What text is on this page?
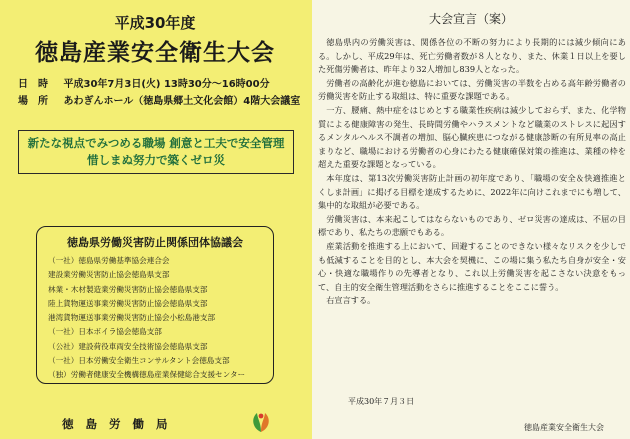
平成30年度
徳島産業安全衛生大会
日　時 平成30年7月3日(火) 13時30分～16時00分
場　所 あわぎんホール（徳島県郷土文化会館）4階大会議室
新たな視点でみつめる職場 創意と工夫で安全管理
惜しまぬ努力で築くゼロ災
徳島県労働災害防止関係団体協議会
（一社）徳島県労働基準協会連合会
建設業労働災害防止協会徳島県支部
林業・木材製造業労働災害防止協会徳島県支部
陸上貨物運送事業労働災害防止協会徳島県支部
港湾貨物運送事業労働災害防止協会小松島港支部
（一社）日本ボイラ協会徳島支部
（公社）建設荷役車両安全技術協会徳島県支部
（一社）日本労働安全衛生コンサルタント会徳島支部
（独）労働者健康安全機構徳島産業保健総合支援センター
徳島労働局
大会宣言（案）

徳島県内の労働災害は、関係各位の不断の努力により長期的には減少傾向にある。しかし、平成29年は、死亡労働者数が８人となり、また、休業１日以上を要した死傷労働者は、昨年より32人増加し839人となった。

労働者の高齢化が進む徳島においては、労働災害の半数を占める高年齢労働者の労働災害を防止する取組は、特に重要な課題である。

一方、腰痛、熱中症をはじめとする職業性疾病は減少しておらず、また、化学物質による健康障害の発生、長時間労働やハラスメントなど職業のストレスに起因するメンタルヘルス不調者の増加、脳心臓疾患につながる健康診断の有所見率の高止まりなど、職場における労働者の心身にわたる健康確保対策の推進は、業種の枠を超えた重要な課題となっている。

本年度は、第13次労働災害防止計画の初年度であり、「職場の安全＆快適推進とくしま計画」に掲げる目標を達成するために、2022年に向けこれまでにも増して、集中的な取組が必要である。

労働災害は、本来起こしてはならないものであり、ゼロ災害の達成は、不屈の目標であり、私たちの悲願でもある。

産業活動を推進する上において、回避することのできない様々なリスクを少しでも低減することを目的とし、本大会を契機に、この場に集う私たち自身が安全・安心・快適な職場作りの先導者となり、これ以上労働災害を起こさない決意をもって、自主的安全衛生管理活動をさらに推進することをここに誓う。

右宣言する。

平成30年７月３日
徳島産業安全衛生大会
